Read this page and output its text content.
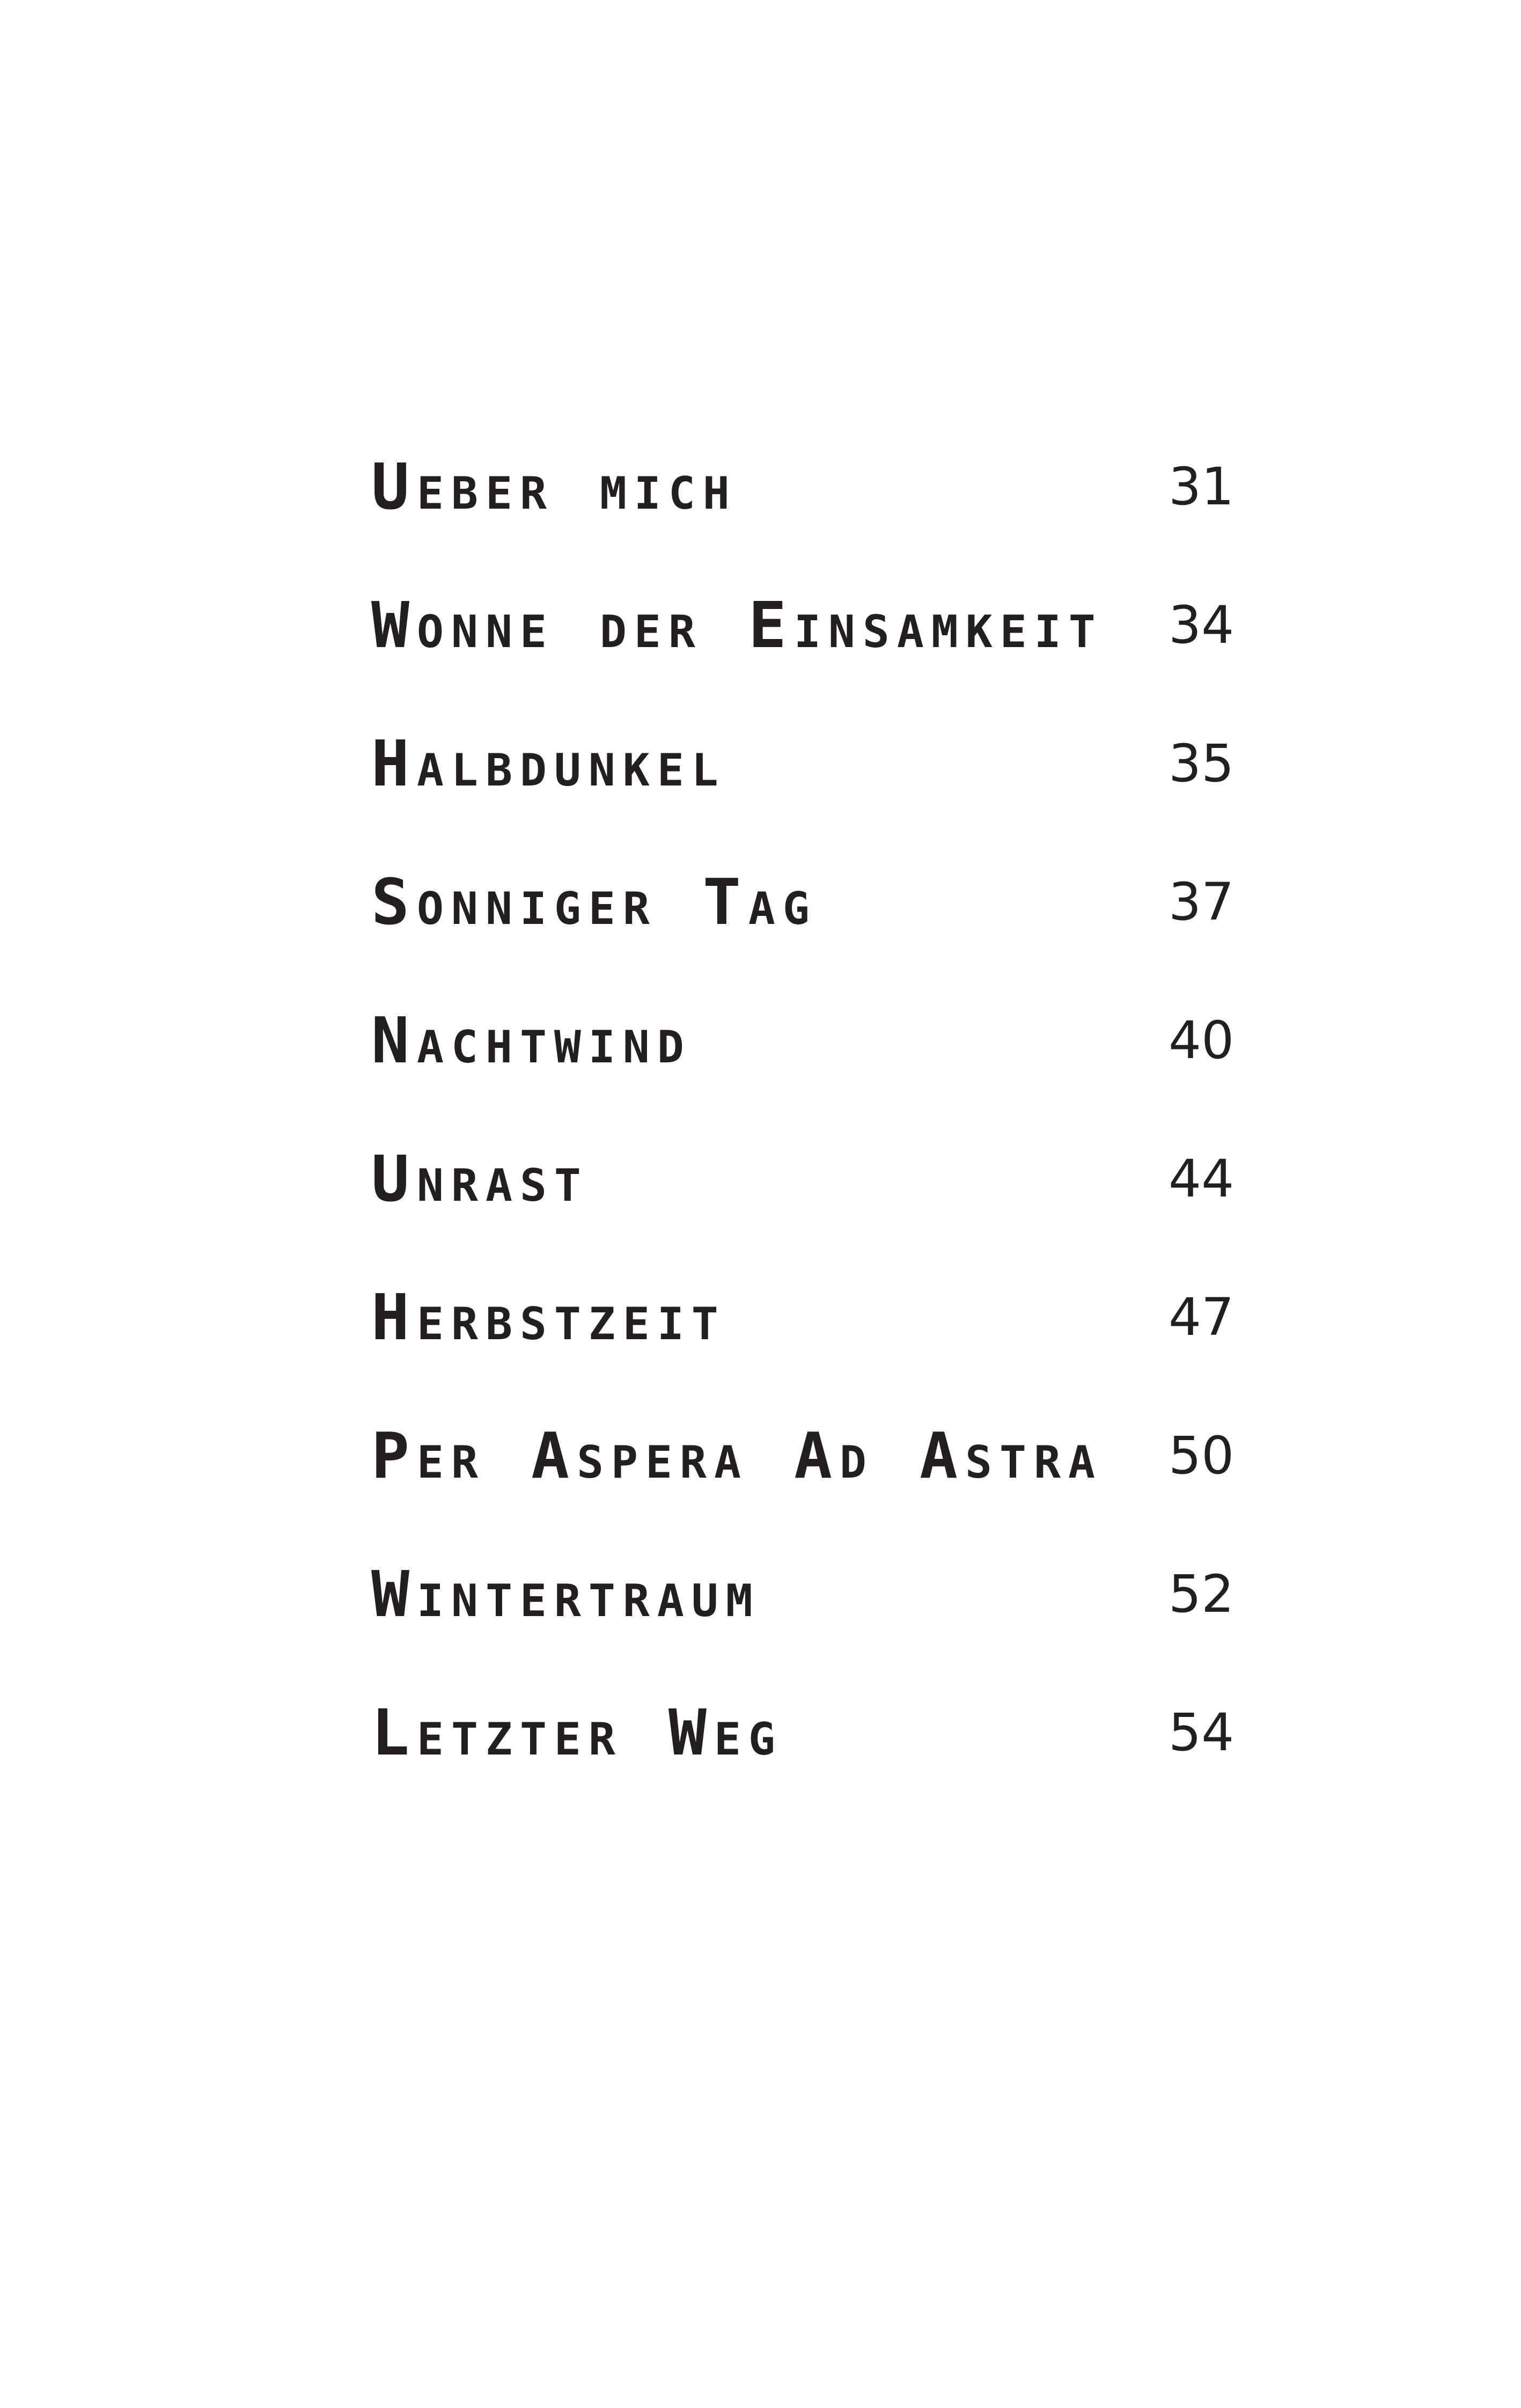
Ueber mich	31
Wonne der Einsamkeit 34
Halbdunkel	35
Sonniger Tag	37
Nachtwind	40
Unrast	44
Herbstzeit	47
Per Aspera Ad Astra 50
Wintertraum	52
Letzter Weg	54
